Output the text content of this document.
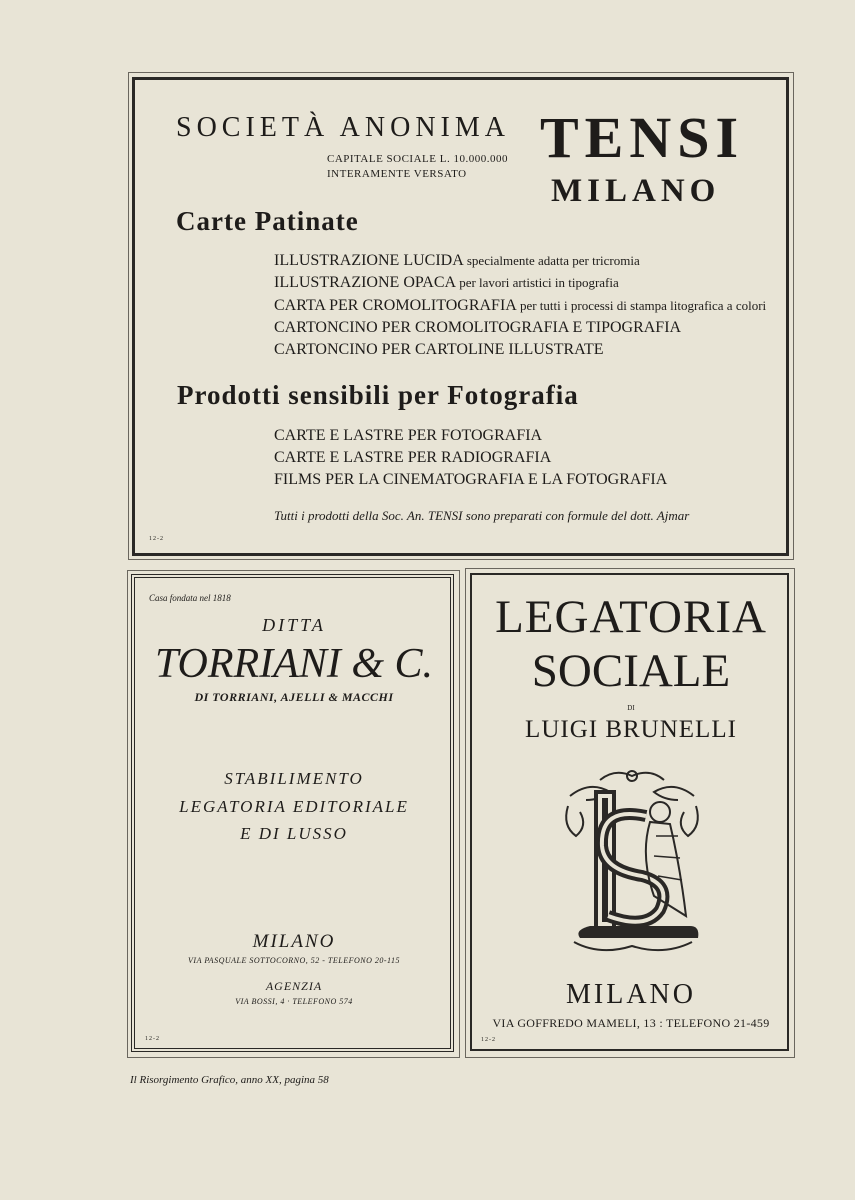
SOCIETÀ ANONIMA TENSI
CAPITALE SOCIALE L. 10.000.000
INTERAMENTE VERSATO	MILANO
Carte Patinate
ILLUSTRAZIONE LUCIDA specialmente adatta per tricromia
ILLUSTRAZIONE OPACA per lavori artistici in tipografia
CARTA PER CROMOLITOGRAFIA per tutti i processi di stampa litografica a colori
CARTONCINO PER CROMOLITOGRAFIA E TIPOGRAFIA
CARTONCINO PER CARTOLINE ILLUSTRATE
Prodotti sensibili per Fotografia
CARTE E LASTRE PER FOTOGRAFIA
CARTE E LASTRE PER RADIOGRAFIA
FILMS PER LA CINEMATOGRAFIA E LA FOTOGRAFIA
Tutti i prodotti della Soc. An. TENSI sono preparati con formule del dott. Ajmar
12-2
Casa fondata nel 1818
DITTA
TORRIANI & C.
DI TORRIANI, AJELLI & MACCHI
STABILIMENTO
LEGATORIA EDITORIALE
E DI LUSSO
MILANO
VIA PASQUALE SOTTOCORNO, 52 - TELEFONO 20-115
AGENZIA
VIA BOSSI, 4 · TELEFONO 574
12-2
LEGATORIA
SOCIALE
DI
LUIGI BRUNELLI
MILANO
VIA GOFFREDO MAMELI, 13 : TELEFONO 21-459
12-2
Il Risorgimento Grafico, anno XX, pagina 58
